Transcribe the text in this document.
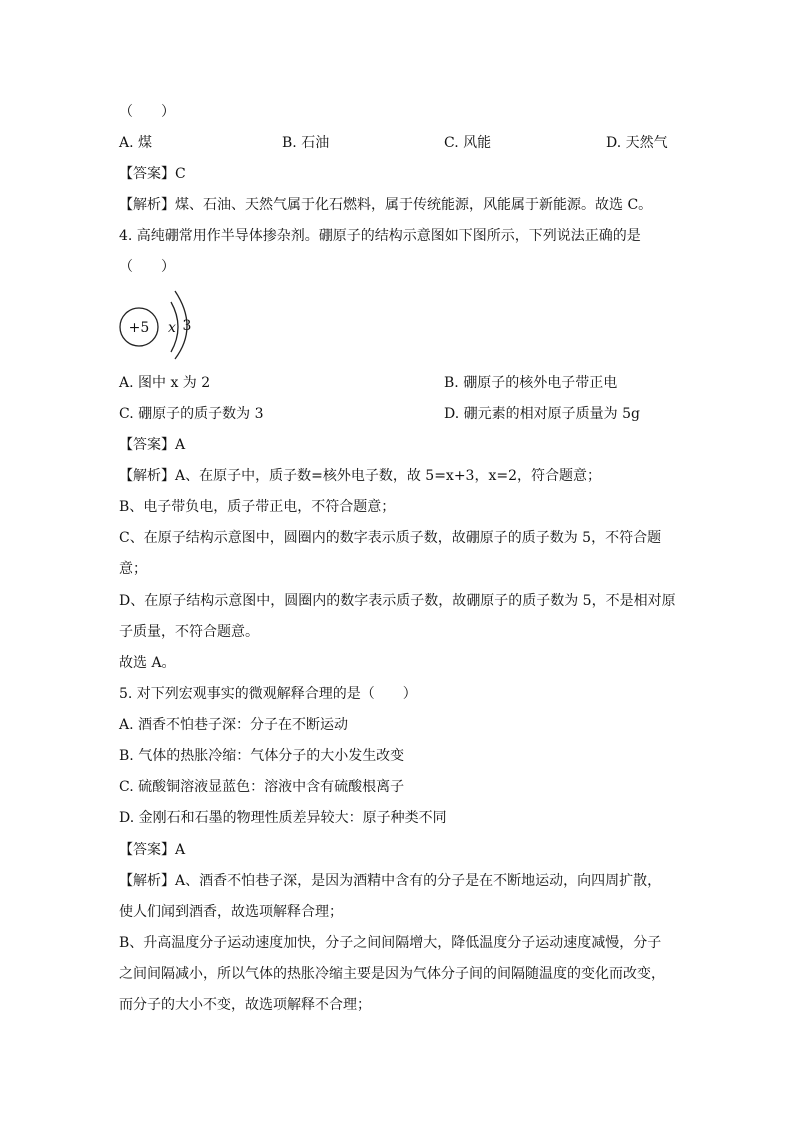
（　　）
A. 煤	B. 石油	C. 风能	D. 天然气
【答案】C
【解析】煤、石油、天然气属于化石燃料，属于传统能源，风能属于新能源。故选 C。
4. 高纯硼常用作半导体掺杂剂。硼原子的结构示意图如下图所示，下列说法正确的是
（　　）
+5 x 3
A. 图中 x 为 2	B. 硼原子的核外电子带正电
C. 硼原子的质子数为 3	D. 硼元素的相对原子质量为 5g
【答案】A
【解析】A、在原子中，质子数=核外电子数，故 5=x+3，x=2，符合题意；
B、电子带负电，质子带正电，不符合题意；
C、在原子结构示意图中，圆圈内的数字表示质子数，故硼原子的质子数为 5，不符合题
意；
D、在原子结构示意图中，圆圈内的数字表示质子数，故硼原子的质子数为 5，不是相对原
子质量，不符合题意。
故选 A。
5. 对下列宏观事实的微观解释合理的是（　　）
A. 酒香不怕巷子深：分子在不断运动
B. 气体的热胀冷缩：气体分子的大小发生改变
C. 硫酸铜溶液显蓝色：溶液中含有硫酸根离子
D. 金刚石和石墨的物理性质差异较大：原子种类不同
【答案】A
【解析】A、酒香不怕巷子深，是因为酒精中含有的分子是在不断地运动，向四周扩散，
使人们闻到酒香，故选项解释合理；
B、升高温度分子运动速度加快，分子之间间隔增大，降低温度分子运动速度减慢，分子
之间间隔减小，所以气体的热胀冷缩主要是因为气体分子间的间隔随温度的变化而改变，
而分子的大小不变，故选项解释不合理；
